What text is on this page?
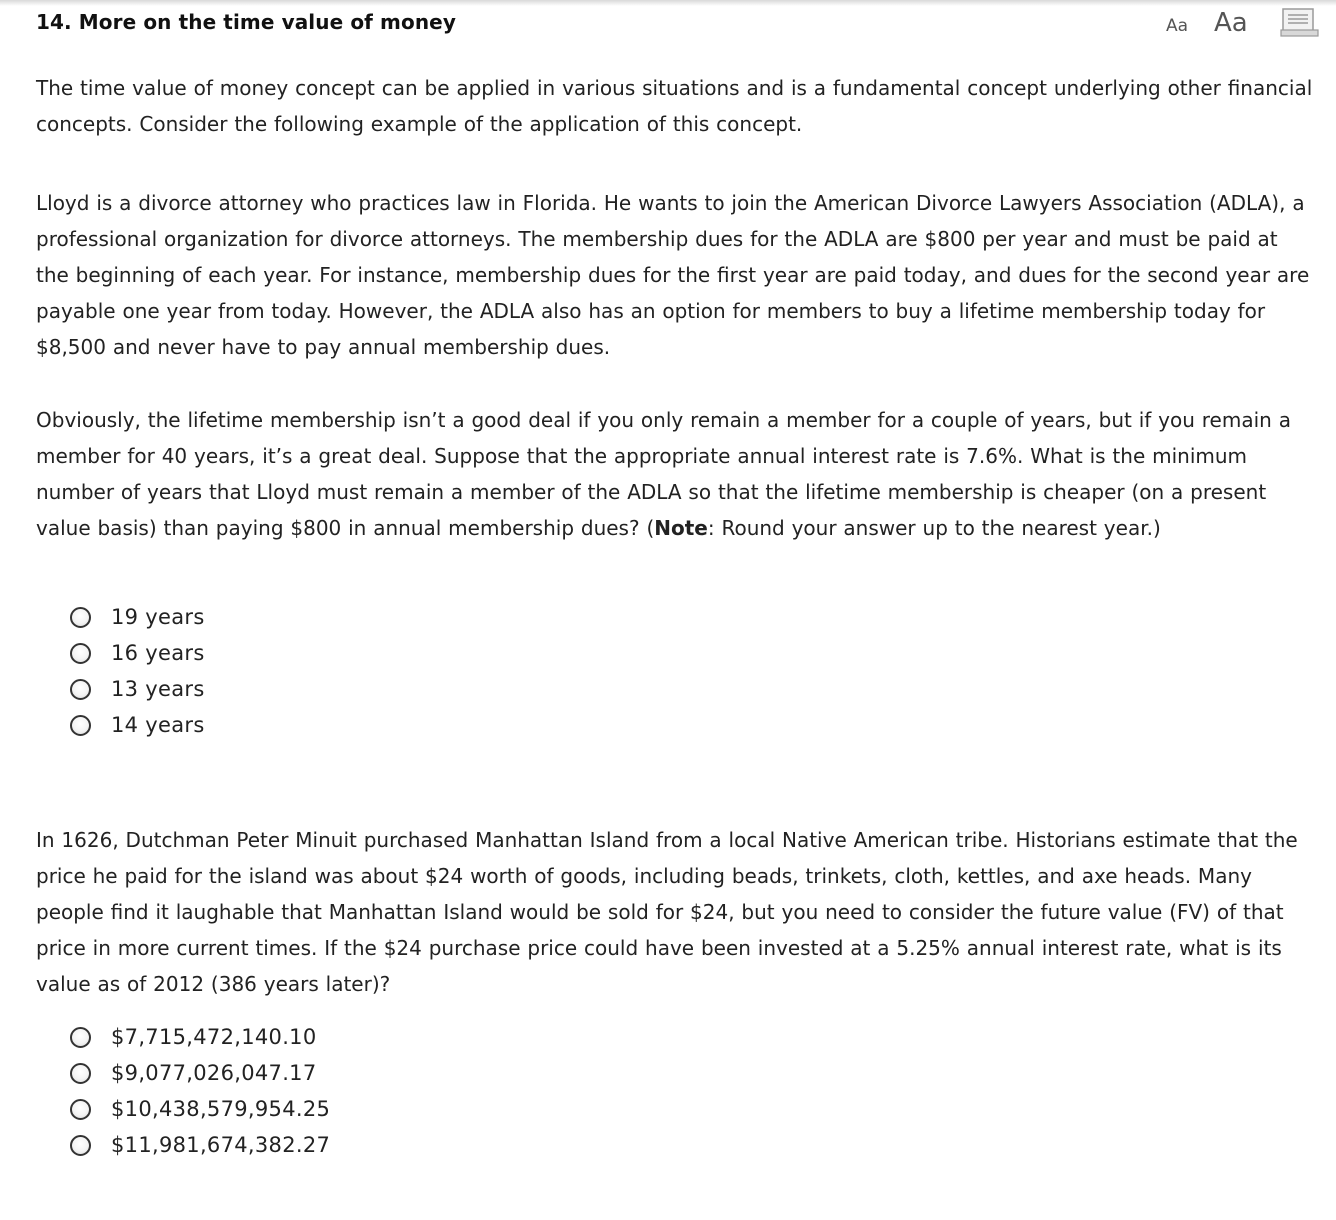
14. More on the time value of money	Aa Aa

The time value of money concept can be applied in various situations and is a fundamental concept underlying other financial concepts. Consider the following example of the application of this concept.

Lloyd is a divorce attorney who practices law in Florida. He wants to join the American Divorce Lawyers Association (ADLA), a professional organization for divorce attorneys. The membership dues for the ADLA are $800 per year and must be paid at the beginning of each year. For instance, membership dues for the first year are paid today, and dues for the second year are payable one year from today. However, the ADLA also has an option for members to buy a lifetime membership today for $8,500 and never have to pay annual membership dues.

Obviously, the lifetime membership isn’t a good deal if you only remain a member for a couple of years, but if you remain a member for 40 years, it’s a great deal. Suppose that the appropriate annual interest rate is 7.6%. What is the minimum number of years that Lloyd must remain a member of the ADLA so that the lifetime membership is cheaper (on a present value basis) than paying $800 in annual membership dues? (Note: Round your answer up to the nearest year.)

19 years
16 years
13 years
14 years

In 1626, Dutchman Peter Minuit purchased Manhattan Island from a local Native American tribe. Historians estimate that the price he paid for the island was about $24 worth of goods, including beads, trinkets, cloth, kettles, and axe heads. Many people find it laughable that Manhattan Island would be sold for $24, but you need to consider the future value (FV) of that price in more current times. If the $24 purchase price could have been invested at a 5.25% annual interest rate, what is its value as of 2012 (386 years later)?

$7,715,472,140.10
$9,077,026,047.17
$10,438,579,954.25
$11,981,674,382.27
